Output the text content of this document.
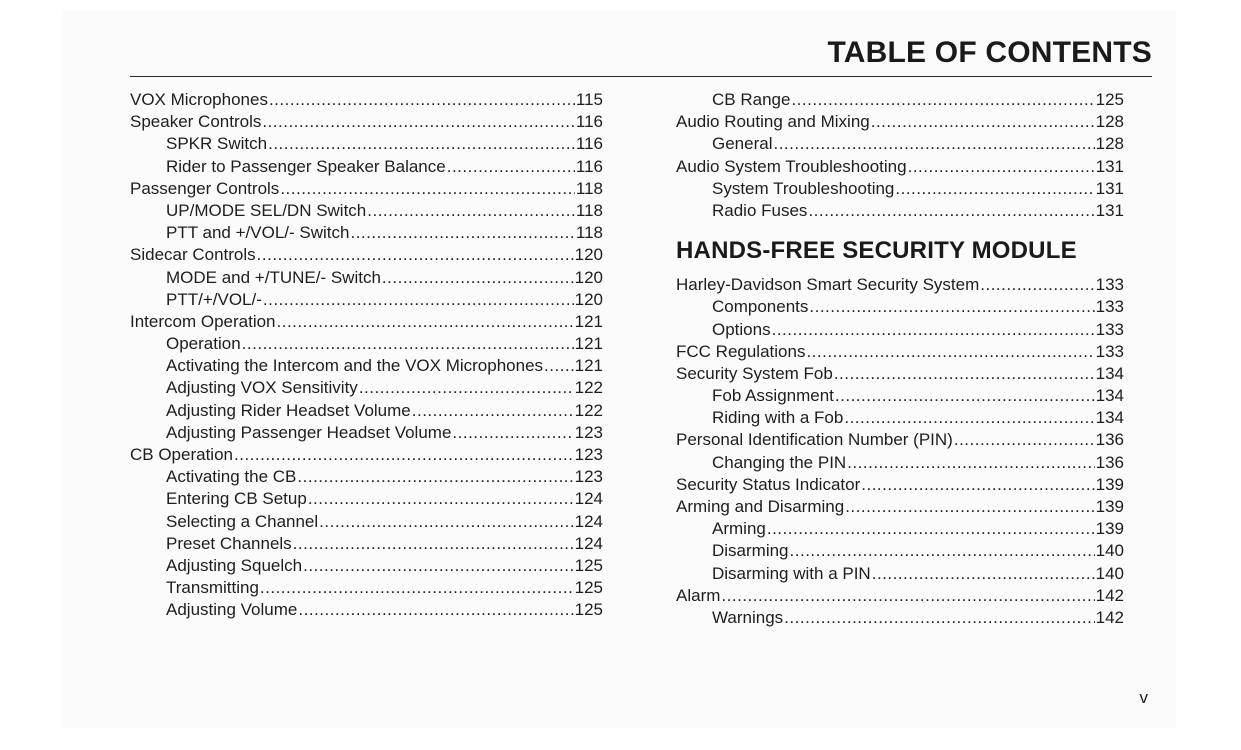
TABLE OF CONTENTS
VOX Microphones .....	115
Speaker Controls .....	116
SPKR Switch .....	116
Rider to Passenger Speaker Balance .....	116
Passenger Controls .....	118
UP/MODE SEL/DN Switch .....	118
PTT and +/VOL/- Switch .....	118
Sidecar Controls .....	120
MODE and +/TUNE/- Switch .....	120
PTT/+/VOL/- .....	120
Intercom Operation .....	121
Operation .....	121
Activating the Intercom and the VOX Microphones ..... 121
Adjusting VOX Sensitivity .....	122
Adjusting Rider Headset Volume .....	122
Adjusting Passenger Headset Volume .....	123
CB Operation .....	123
Activating the CB .....	123
Entering CB Setup .....	124
Selecting a Channel .....	124
Preset Channels .....	124
Adjusting Squelch .....	125
Transmitting .....	125
Adjusting Volume .....	125
CB Range .....	125
Audio Routing and Mixing .....	128
General .....	128
Audio System Troubleshooting .....	131
System Troubleshooting .....	131
Radio Fuses .....	131
HANDS-FREE SECURITY MODULE
Harley-Davidson Smart Security System .....	133
Components .....	133
Options .....	133
FCC Regulations .....	133
Security System Fob .....	134
Fob Assignment .....	134
Riding with a Fob .....	134
Personal Identification Number (PIN) .....	136
Changing the PIN .....	136
Security Status Indicator .....	139
Arming and Disarming .....	139
Arming .....	139
Disarming .....	140
Disarming with a PIN .....	140
Alarm .....	142
Warnings .....	142
v
